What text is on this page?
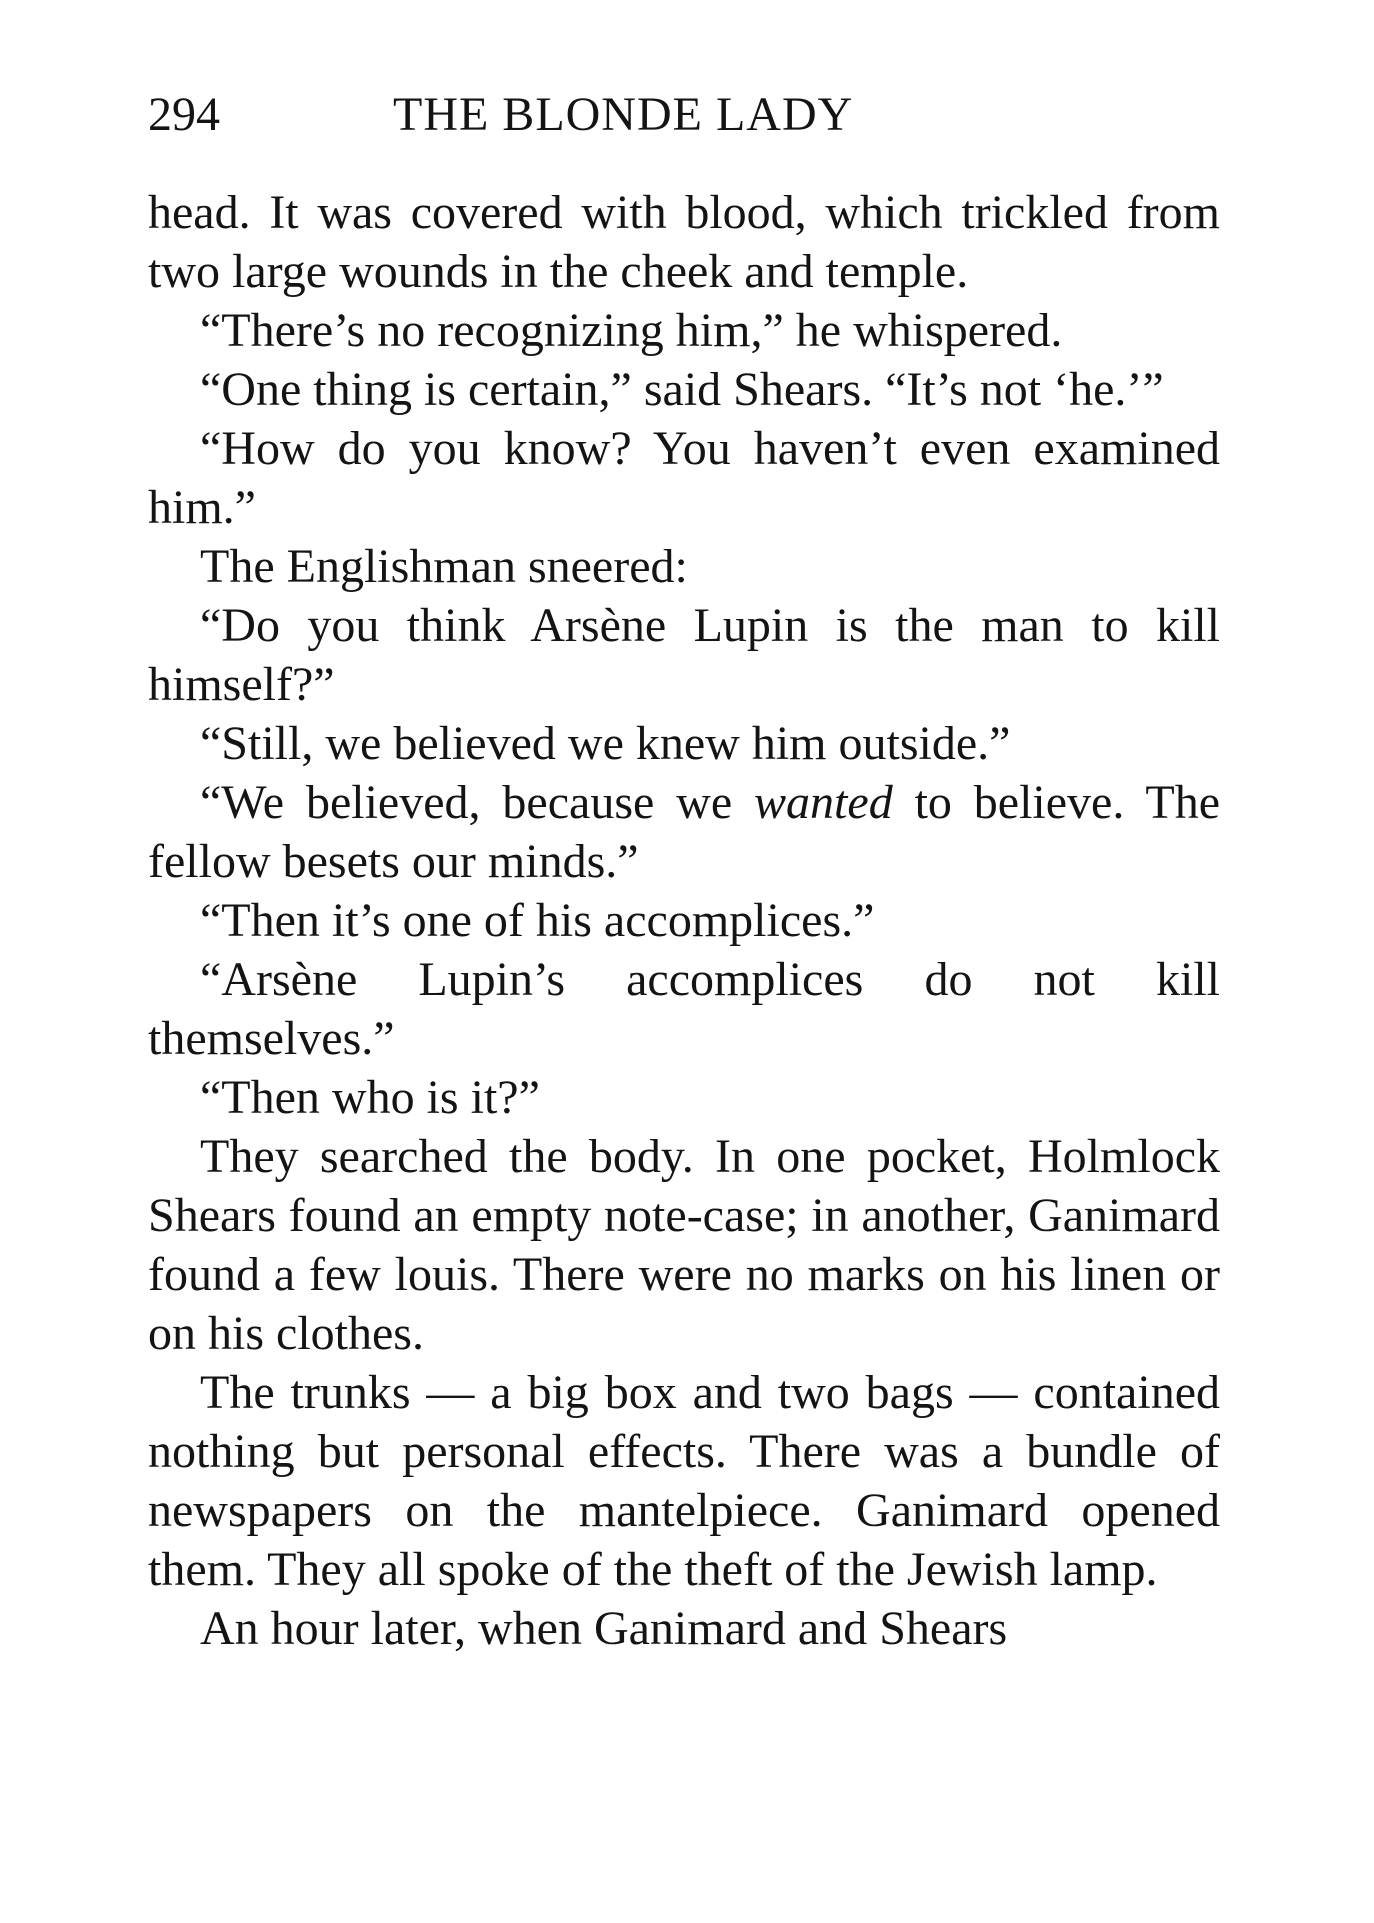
294	THE BLONDE LADY

head. It was covered with blood, which trickled from two large wounds in the cheek and temple.

“There’s no recognizing him,” he whispered.

“One thing is certain,” said Shears. “It’s not ‘he.’”

“How do you know? You haven’t even examined him.”

The Englishman sneered:

“Do you think Arsène Lupin is the man to kill himself?”

“Still, we believed we knew him outside.”

“We believed, because we wanted to believe. The fellow besets our minds.”

“Then it’s one of his accomplices.”

“Arsène Lupin’s accomplices do not kill themselves.”

“Then who is it?”

They searched the body. In one pocket, Holmlock Shears found an empty note-case; in another, Ganimard found a few louis. There were no marks on his linen or on his clothes.

The trunks — a big box and two bags — contained nothing but personal effects. There was a bundle of newspapers on the mantelpiece. Ganimard opened them. They all spoke of the theft of the Jewish lamp.

An hour later, when Ganimard and Shears
